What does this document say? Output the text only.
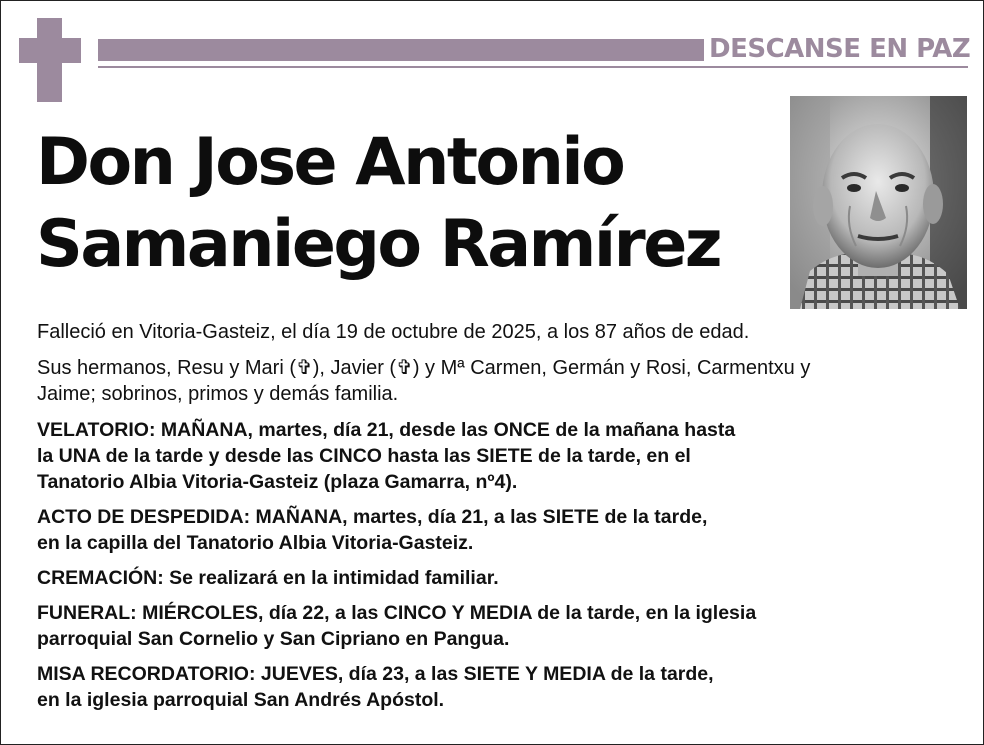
DESCANSE EN PAZ
Don Jose Antonio
Samaniego Ramírez
Falleció en Vitoria-Gasteiz, el día 19 de octubre de 2025, a los 87 años de edad.
Sus hermanos, Resu y Mari (✞), Javier (✞) y Mª Carmen, Germán y Rosi, Carmentxu y
Jaime; sobrinos, primos y demás familia.
VELATORIO: MAÑANA, martes, día 21, desde las ONCE de la mañana hasta
la UNA de la tarde y desde las CINCO hasta las SIETE de la tarde, en el
Tanatorio Albia Vitoria-Gasteiz (plaza Gamarra, nº4).
ACTO DE DESPEDIDA: MAÑANA, martes, día 21, a las SIETE de la tarde,
en la capilla del Tanatorio Albia Vitoria-Gasteiz.
CREMACIÓN: Se realizará en la intimidad familiar.
FUNERAL: MIÉRCOLES, día 22, a las CINCO Y MEDIA de la tarde, en la iglesia
parroquial San Cornelio y San Cipriano en Pangua.
MISA RECORDATORIO: JUEVES, día 23, a las SIETE Y MEDIA de la tarde,
en la iglesia parroquial San Andrés Apóstol.
